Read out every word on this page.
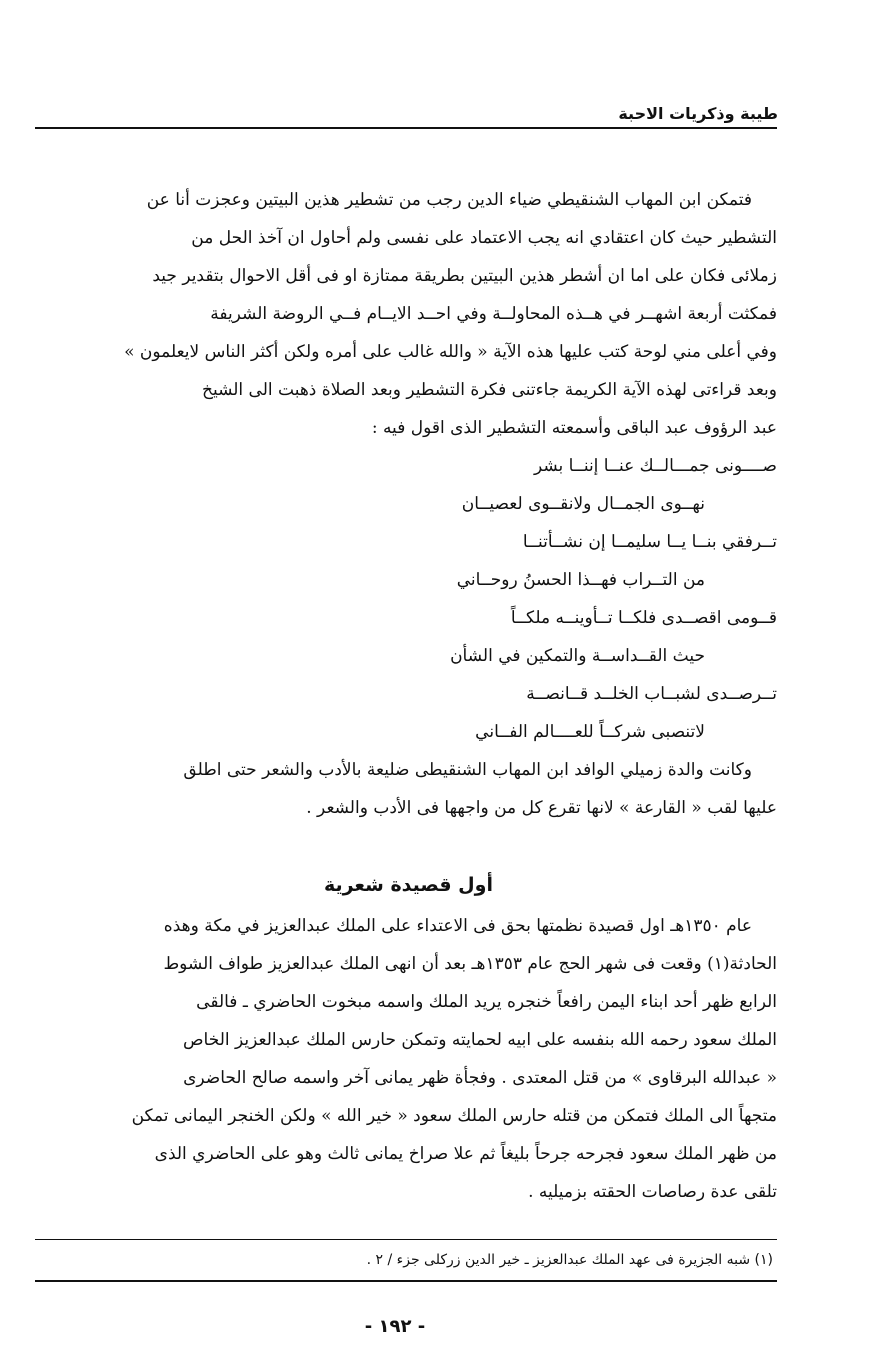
طيبة وذكريات الاحبة
فتمكن ابن المهاب الشنقيطي ضياء الدين رجب من تشطير هذين البيتين وعجزت أنا عن
التشطير حيث كان اعتقادي انه يجب الاعتماد على نفسى ولم أحاول ان آخذ الحل من
زملائى فكان على اما ان أشطر هذين البيتين بطريقة ممتازة او فى أقل الاحوال بتقدير جيد
فمكثت أربعة اشهــر في هــذه المحاولــة وفي احــد الايــام فــي الروضة الشريفة
وفي أعلى مني لوحة كتب عليها هذه الآية « والله غالب على أمره ولكن أكثر الناس لايعلمون »
وبعد قراءتى لهذه الآية الكريمة جاءتنى فكرة التشطير وبعد الصلاة ذهبت الى الشيخ
عبد الرؤوف عبد الباقى وأسمعته التشطير الذى اقول فيه :
صــــونى جمـــالــك عنــا إننــا بشر
نهــوى الجمــال ولانقــوى لعصيــان
تــرفقي بنــا يــا سليمــا إن نشــأتنــا
من التــراب فهــذا الحسنُ روحــاني
قــومى اقصــدى فلكــا تــأوينــه ملكــاً
حيث القــداســة والتمكين في الشأن
تــرصــدى لشبــاب الخلــد قــانصــة
لاتنصبى شركــاً للعــــالم الفــاني
وكانت والدة زميلي الوافد ابن المهاب الشنقيطى ضليعة بالأدب والشعر حتى اطلق
عليها لقب « القارعة » لانها تقرع كل من واجهها فى الأدب والشعر .
أول قصيدة شعرية
عام ١٣٥٠هـ اول قصيدة نظمتها بحق فى الاعتداء على الملك عبدالعزيز في مكة وهذه
الحادثة(١) وقعت فى شهر الحج عام ١٣٥٣هـ بعد أن انهى الملك عبدالعزيز طواف الشوط
الرابع ظهر أحد ابناء اليمن رافعاً خنجره يريد الملك واسمه مبخوت الحاضري ـ فالقى
الملك سعود رحمه الله بنفسه على ابيه لحمايته وتمكن حارس الملك عبدالعزيز الخاص
« عبدالله البرقاوى » من قتل المعتدى . وفجأة ظهر يمانى آخر واسمه صالح الحاضرى
متجهاً الى الملك فتمكن من قتله حارس الملك سعود « خير الله » ولكن الخنجر اليمانى تمكن
من ظهر الملك سعود فجرحه جرحاً بليغاً ثم علا صراخ يمانى ثالث وهو على الحاضري الذى
تلقى عدة رصاصات الحقته بزميليه .
(١) شبه الجزيرة فى عهد الملك عبدالعزيز ـ خير الدين زركلى جزء / ٢ .
- ١٩٢ -
